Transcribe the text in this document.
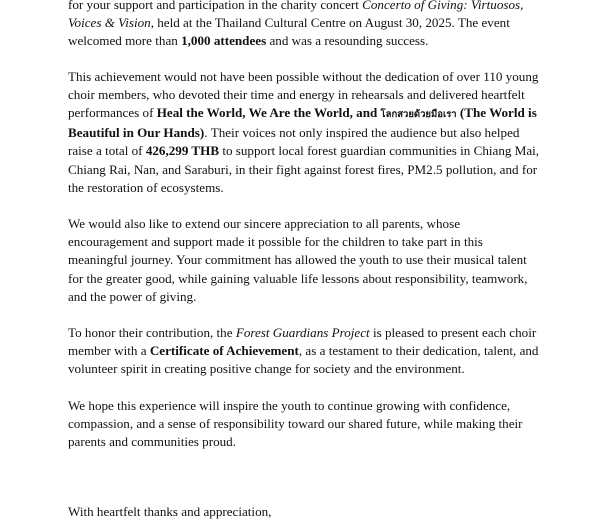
for your support and participation in the charity concert Concerto of Giving: Virtuosos, Voices & Vision, held at the Thailand Cultural Centre on August 30, 2025. The event welcomed more than 1,000 attendees and was a resounding success.

This achievement would not have been possible without the dedication of over 110 young choir members, who devoted their time and energy in rehearsals and delivered heartfelt performances of Heal the World, We Are the World, and โลกสวยด้วยมือเรา (The World is Beautiful in Our Hands). Their voices not only inspired the audience but also helped raise a total of 426,299 THB to support local forest guardian communities in Chiang Mai, Chiang Rai, Nan, and Saraburi, in their fight against forest fires, PM2.5 pollution, and for the restoration of ecosystems.

We would also like to extend our sincere appreciation to all parents, whose encouragement and support made it possible for the children to take part in this meaningful journey. Your commitment has allowed the youth to use their musical talent for the greater good, while gaining valuable life lessons about responsibility, teamwork, and the power of giving.

To honor their contribution, the Forest Guardians Project is pleased to present each choir member with a Certificate of Achievement, as a testament to their dedication, talent, and volunteer spirit in creating positive change for society and the environment.

We hope this experience will inspire the youth to continue growing with confidence, compassion, and a sense of responsibility toward our shared future, while making their parents and communities proud.

With heartfelt thanks and appreciation,
